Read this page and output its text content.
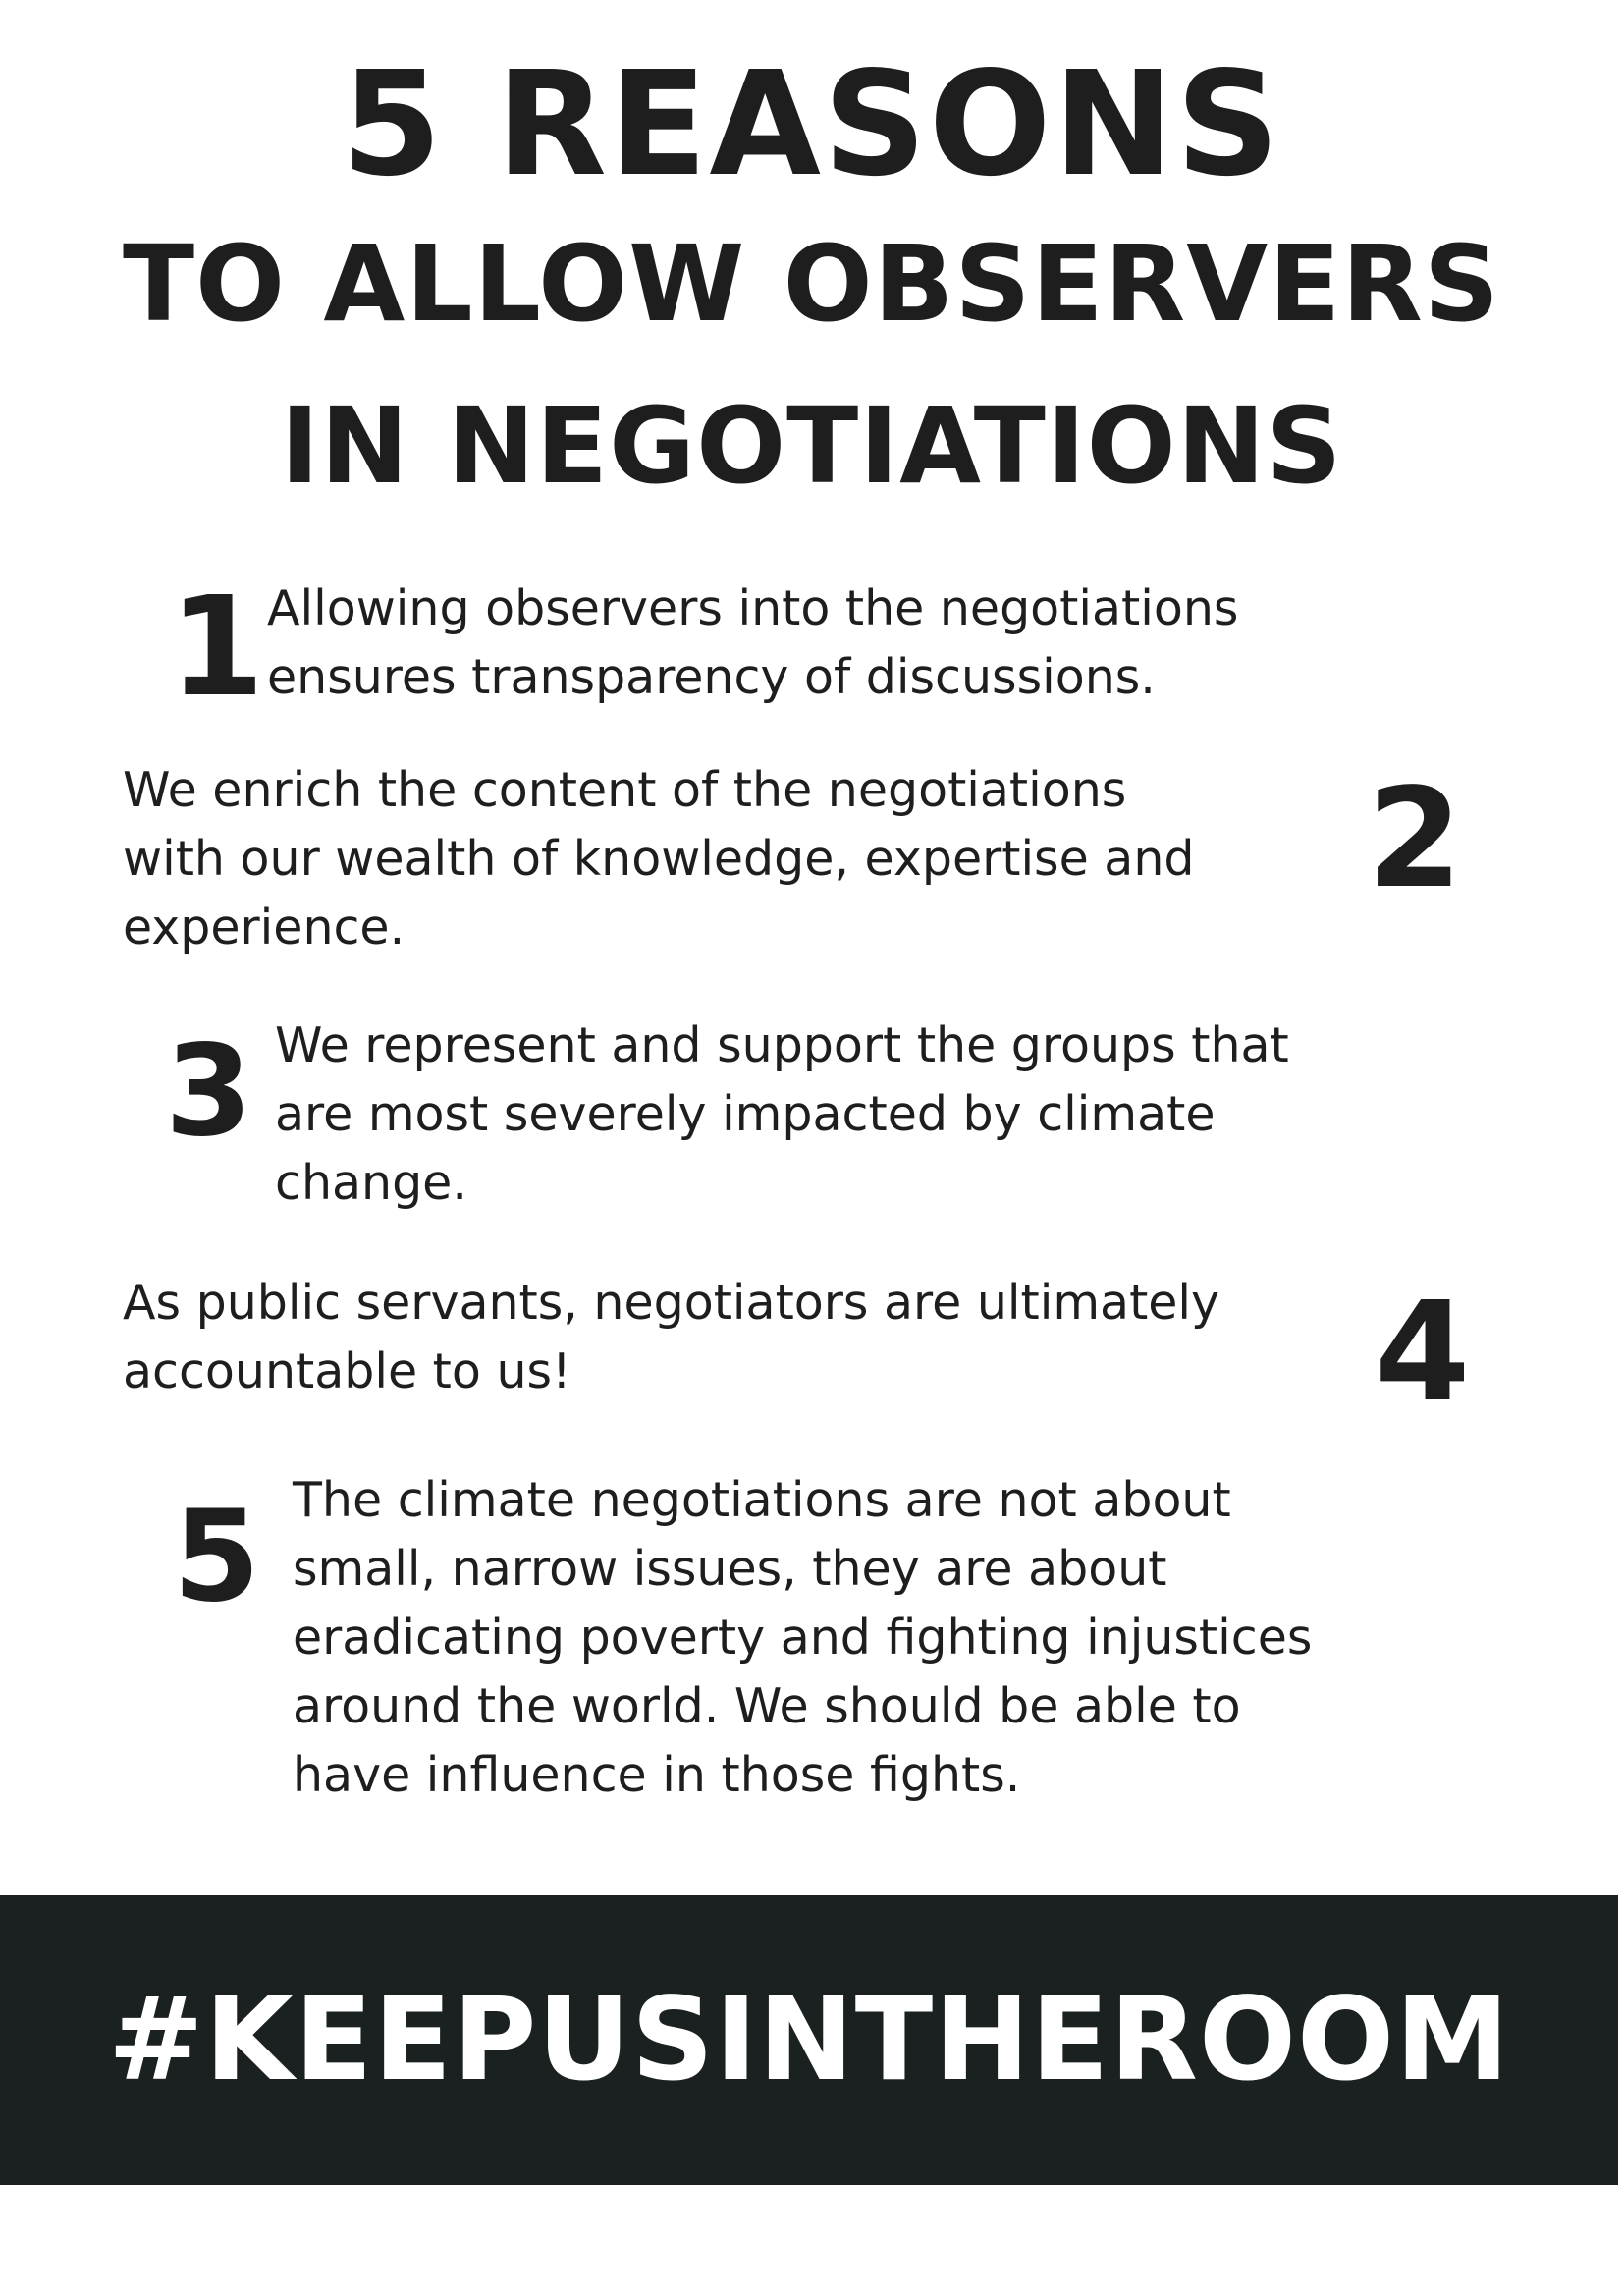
5 REASONS
TO ALLOW OBSERVERS
IN NEGOTIATIONS
1 Allowing observers into the negotiations
ensures transparency of discussions.

2

We enrich the content of the negotiations
with our wealth of knowledge, expertise and
experience.

3 We represent and support the groups that
are most severely impacted by climate
change.

4

As public servants, negotiators are ultimately
accountable to us!

5 The climate negotiations are not about
small, narrow issues, they are about
eradicating poverty and fighting injustices
around the world. We should be able to
have influence in those fights.

#KEEPUSINTHEROOM
